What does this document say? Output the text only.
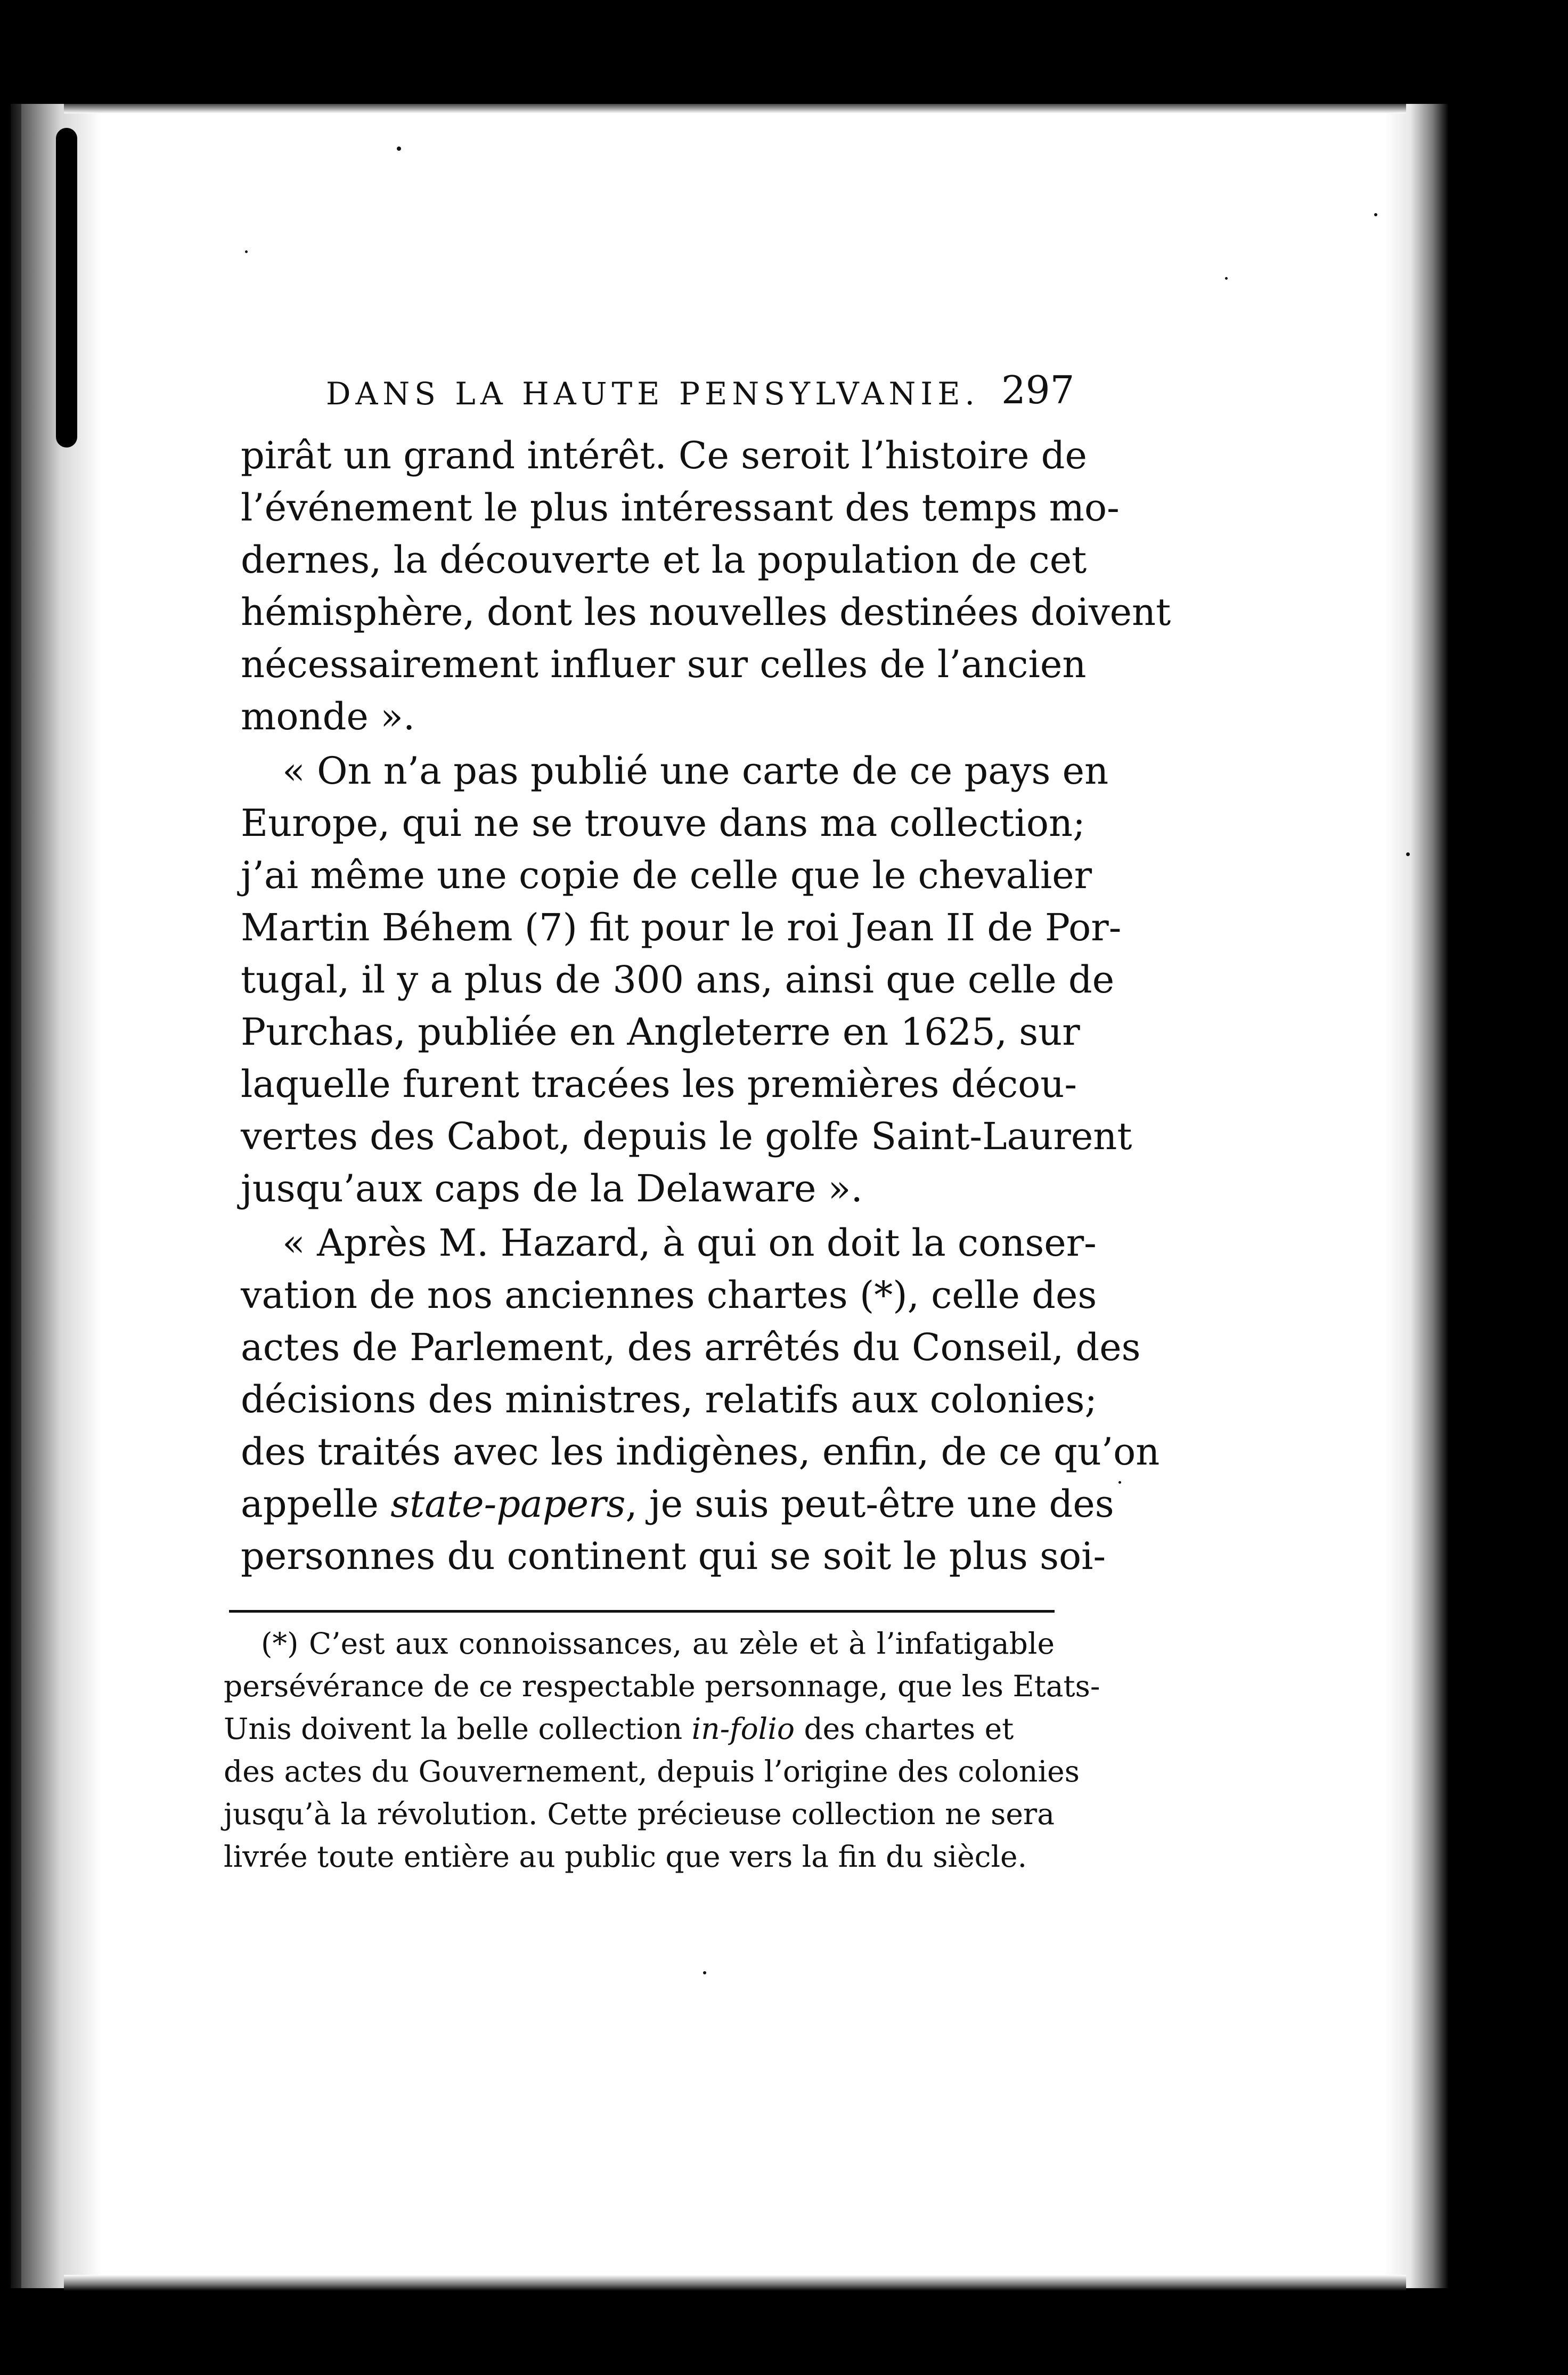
DANS LA HAUTE PENSYLVANIE. 297
pirât un grand intérêt. Ce seroit l’histoire de
l’événement le plus intéressant des temps mo-
dernes, la découverte et la population de cet
hémisphère, dont les nouvelles destinées doivent
nécessairement influer sur celles de l’ancien
monde ».
« On n’a pas publié une carte de ce pays en
Europe, qui ne se trouve dans ma collection;
j’ai même une copie de celle que le chevalier
Martin Béhem (7) fit pour le roi Jean II de Por-
tugal, il y a plus de 300 ans, ainsi que celle de
Purchas, publiée en Angleterre en 1625, sur
laquelle furent tracées les premières décou-
vertes des Cabot, depuis le golfe Saint-Laurent
jusqu’aux caps de la Delaware ».
« Après M. Hazard, à qui on doit la conser-
vation de nos anciennes chartes (*), celle des
actes de Parlement, des arrêtés du Conseil, des
décisions des ministres, relatifs aux colonies;
des traités avec les indigènes, enfin, de ce qu’on
appelle state-papers, je suis peut-être une des
personnes du continent qui se soit le plus soi-
(*) C’est aux connoissances, au zèle et à l’infatigable
persévérance de ce respectable personnage, que les Etats-
Unis doivent la belle collection in-folio des chartes et
des actes du Gouvernement, depuis l’origine des colonies
jusqu’à la révolution. Cette précieuse collection ne sera
livrée toute entière au public que vers la fin du siècle.
